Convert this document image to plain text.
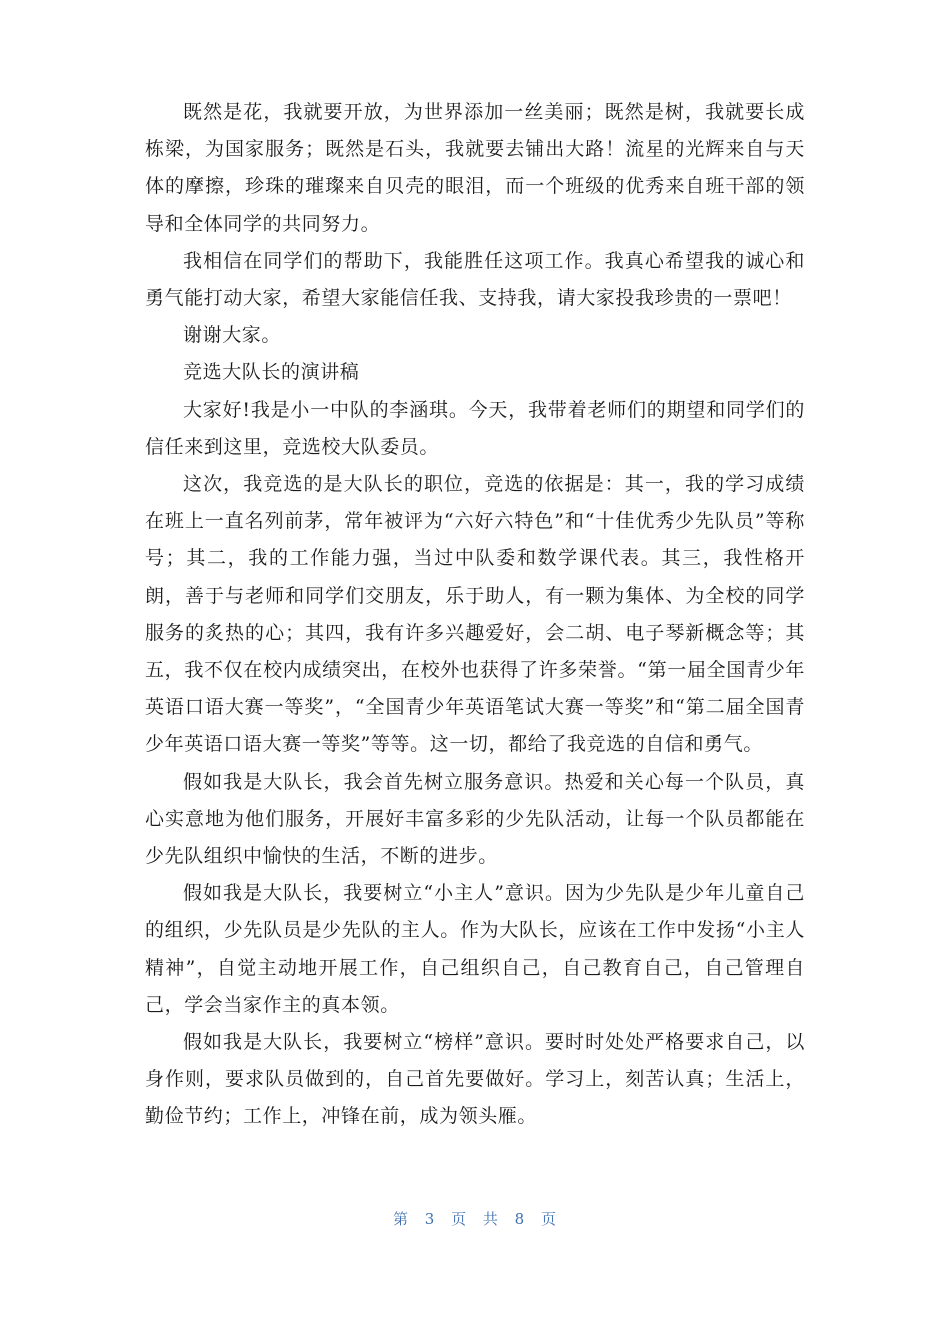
既然是花，我就要开放，为世界添加一丝美丽；既然是树，我就要长成栋梁，为国家服务；既然是石头，我就要去铺出大路！流星的光辉来自与天体的摩擦，珍珠的璀璨来自贝壳的眼泪，而一个班级的优秀来自班干部的领导和全体同学的共同努力。

我相信在同学们的帮助下，我能胜任这项工作。我真心希望我的诚心和勇气能打动大家，希望大家能信任我、支持我，请大家投我珍贵的一票吧！

谢谢大家。

竞选大队长的演讲稿

大家好!我是小一中队的李涵琪。今天，我带着老师们的期望和同学们的信任来到这里，竞选校大队委员。

这次，我竞选的是大队长的职位，竞选的依据是：其一，我的学习成绩在班上一直名列前茅，常年被评为“六好六特色”和“十佳优秀少先队员”等称号；其二，我的工作能力强，当过中队委和数学课代表。其三，我性格开朗，善于与老师和同学们交朋友，乐于助人，有一颗为集体、为全校的同学服务的炙热的心；其四，我有许多兴趣爱好，会二胡、电子琴新概念等；其五，我不仅在校内成绩突出，在校外也获得了许多荣誉。“第一届全国青少年英语口语大赛一等奖”，“全国青少年英语笔试大赛一等奖”和“第二届全国青少年英语口语大赛一等奖”等等。这一切，都给了我竞选的自信和勇气。

假如我是大队长，我会首先树立服务意识。热爱和关心每一个队员，真心实意地为他们服务，开展好丰富多彩的少先队活动，让每一个队员都能在少先队组织中愉快的生活，不断的进步。

假如我是大队长，我要树立“小主人”意识。因为少先队是少年儿童自己的组织，少先队员是少先队的主人。作为大队长，应该在工作中发扬“小主人精神”，自觉主动地开展工作，自己组织自己，自己教育自己，自己管理自己，学会当家作主的真本领。

假如我是大队长，我要树立“榜样”意识。要时时处处严格要求自己，以身作则，要求队员做到的，自己首先要做好。学习上，刻苦认真；生活上，勤俭节约；工作上，冲锋在前，成为领头雁。

第 3 页 共 8 页
